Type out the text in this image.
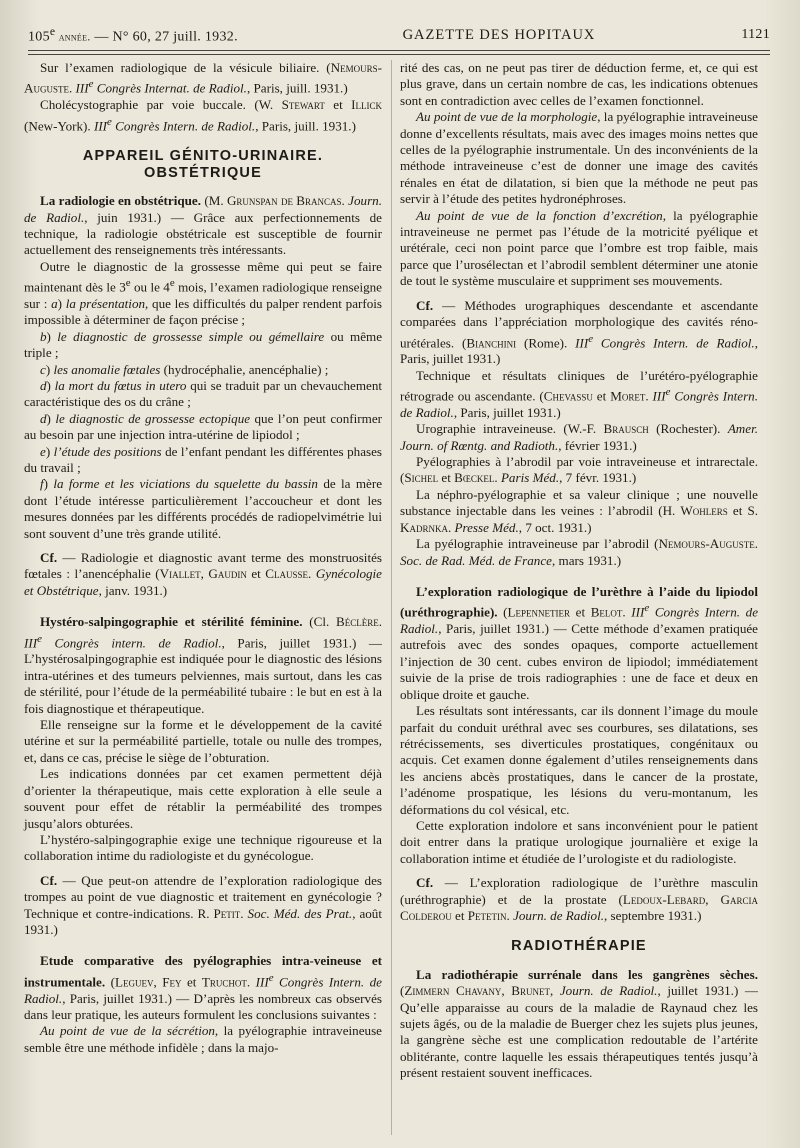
105e année. — N° 60, 27 juill. 1932.	GAZETTE DES HOPITAUX	1121

Sur l’examen radiologique de la vésicule biliaire. (Nemours-Auguste. IIIe Congrès Internat. de Radiol., Paris, juill. 1931.)

Cholécystographie par voie buccale. (W. Stewart et Illick (New-York). IIIe Congrès Intern. de Radiol., Paris, juill. 1931.)

APPAREIL GÉNITO-URINAIRE. OBSTÉTRIQUE

La radiologie en obstétrique. (M. Grunspan de Brancas. Journ. de Radiol., juin 1931.) — Grâce aux perfectionnements de technique, la radiologie obstétricale est susceptible de fournir actuellement des renseignements très intéressants.

Outre le diagnostic de la grossesse même qui peut se faire maintenant dès le 3e ou le 4e mois, l’examen radiologique renseigne sur : a) la présentation, que les difficultés du palper rendent parfois impossible à déterminer de façon précise ;

b) le diagnostic de grossesse simple ou gémellaire ou même triple ;

c) les anomalie fœtales (hydrocéphalie, anencéphalie) ;

d) la mort du fœtus in utero qui se traduit par un chevauchement caractéristique des os du crâne ;

d) le diagnostic de grossesse ectopique que l’on peut confirmer au besoin par une injection intra-utérine de lipiodol ;

e) l’étude des positions de l’enfant pendant les différentes phases du travail ;

f) la forme et les viciations du squelette du bassin de la mère dont l’étude intéresse particulièrement l’accoucheur et dont les mesures données par les différents procédés de radiopelvimétrie lui sont souvent d’une très grande utilité.

Cf. — Radiologie et diagnostic avant terme des monstruosités fœtales : l’anencéphalie (Viallet, Gaudin et Clausse. Gynécologie et Obstétrique, janv. 1931.)

Hystéro-salpingographie et stérilité féminine. (Cl. Béclère. IIIe Congrès intern. de Radiol., Paris, juillet 1931.) — L’hystérosalpingographie est indiquée pour le diagnostic des lésions intra-utérines et des tumeurs pelviennes, mais surtout, dans les cas de stérilité, pour l’étude de la perméabilité tubaire : le but en est à la fois diagnostique et thérapeutique.

Elle renseigne sur la forme et le développement de la cavité utérine et sur la perméabilité partielle, totale ou nulle des trompes, et, dans ce cas, précise le siège de l’obturation.

Les indications données par cet examen permettent déjà d’orienter la thérapeutique, mais cette exploration à elle seule a souvent pour effet de rétablir la perméabilité des trompes jusqu’alors obturées.

L’hystéro-salpingographie exige une technique rigoureuse et la collaboration intime du radiologiste et du gynécologue.

Cf. — Que peut-on attendre de l’exploration radiologique des trompes au point de vue diagnostic et traitement en gynécologie ? Technique et contre-indications. R. Petit. Soc. Méd. des Prat., août 1931.)

Etude comparative des pyélographies intra-veineuse et instrumentale. (Leguev, Fey et Truchot. IIIe Congrès Intern. de Radiol., Paris, juillet 1931.) — D’après les nombreux cas observés dans leur pratique, les auteurs formulent les conclusions suivantes :

Au point de vue de la sécrétion, la pyélographie intraveineuse semble être une méthode infidèle ; dans la majo-

rité des cas, on ne peut pas tirer de déduction ferme, et, ce qui est plus grave, dans un certain nombre de cas, les indications obtenues sont en contradiction avec celles de l’examen fonctionnel.

Au point de vue de la morphologie, la pyélographie intraveineuse donne d’excellents résultats, mais avec des images moins nettes que celles de la pyélographie instrumentale. Un des inconvénients de la méthode intraveineuse c’est de donner une image des cavités rénales en état de dilatation, si bien que la méthode ne peut pas servir à l’étude des petites hydronéphroses.

Au point de vue de la fonction d’excrétion, la pyélographie intraveineuse ne permet pas l’étude de la motricité pyélique et urétérale, ceci non point parce que l’ombre est trop faible, mais parce que l’urosélectan et l’abrodil semblent déterminer une atonie de tout le système musculaire et suppriment ses mouvements.

Cf. — Méthodes urographiques descendante et ascendante comparées dans l’appréciation morphologique des cavités réno-urétérales. (Bianchini (Rome). IIIe Congrès Intern. de Radiol., Paris, juillet 1931.)

Technique et résultats cliniques de l’urétéro-pyélographie rétrograde ou ascendante. (Chevassu et Moret. IIIe Congrès Intern. de Radiol., Paris, juillet 1931.)

Urographie intraveineuse. (W.-F. Brausch (Rochester). Amer. Journ. of Rœntg. and Radioth., février 1931.)

Pyélographies à l’abrodil par voie intraveineuse et intrarectale. (Sichel et Bœckel. Paris Méd., 7 févr. 1931.)

La néphro-pyélographie et sa valeur clinique ; une nouvelle substance injectable dans les veines : l’abrodil (H. Wohlers et S. Kadrnka. Presse Méd., 7 oct. 1931.)

La pyélographie intraveineuse par l’abrodil (Nemours-Auguste. Soc. de Rad. Méd. de France, mars 1931.)

L’exploration radiologique de l’urèthre à l’aide du lipiodol (uréthrographie). (Lepennetier et Belot. IIIe Congrès Intern. de Radiol., Paris, juillet 1931.) — Cette méthode d’examen pratiquée autrefois avec des sondes opaques, comporte actuellement l’injection de 30 cent. cubes environ de lipiodol; immédiatement suivie de la prise de trois radiographies : une de face et deux en oblique droite et gauche.

Les résultats sont intéressants, car ils donnent l’image du moule parfait du conduit uréthral avec ses courbures, ses dilatations, ses rétrécissements, ses diverticules prostatiques, congénitaux ou acquis. Cet examen donne également d’utiles renseignements dans les anciens abcès prostatiques, dans le cancer de la prostate, l’adénome prospatique, les lésions du veru-montanum, les déformations du col vésical, etc.

Cette exploration indolore et sans inconvénient pour le patient doit entrer dans la pratique urologique journalière et exige la collaboration intime et étudiée de l’urologiste et du radiologiste.

Cf. — L’exploration radiologique de l’urèthre masculin (uréthrographie) et de la prostate (Ledoux-Lebard, Garcia Colderou et Petetin. Journ. de Radiol., septembre 1931.)

RADIOTHÉRAPIE

La radiothérapie surrénale dans les gangrènes sèches. (Zimmern Chavany, Brunet, Journ. de Radiol., juillet 1931.) — Qu’elle apparaisse au cours de la maladie de Raynaud chez les sujets âgés, ou de la maladie de Buerger chez les sujets plus jeunes, la gangrène sèche est une complication redoutable de l’artérite oblitérante, contre laquelle les essais thérapeutiques tentés jusqu’à présent restaient souvent inefficaces.
